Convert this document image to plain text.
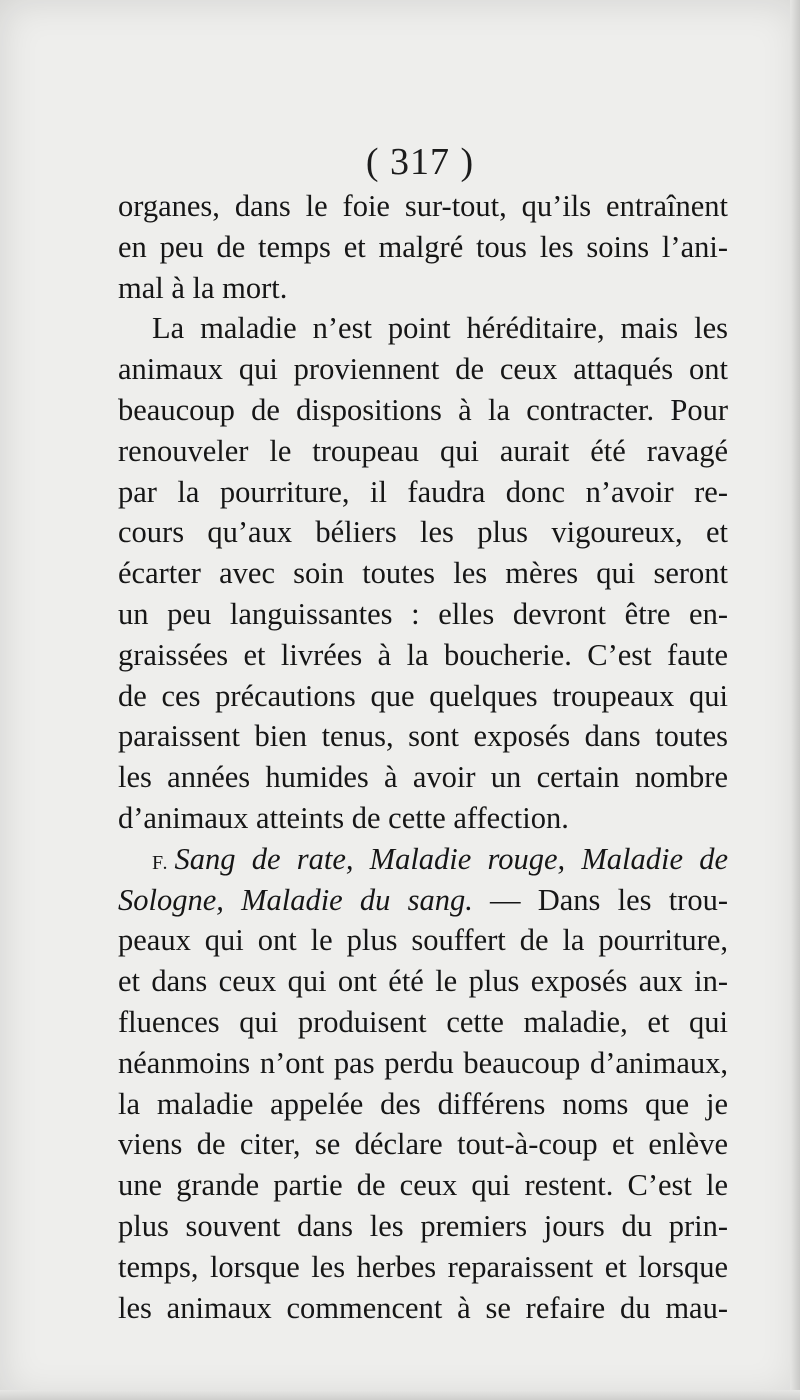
( 317 )
organes, dans le foie sur-tout, qu’ils entraînent
en peu de temps et malgré tous les soins l’ani-
mal à la mort.
La maladie n’est point héréditaire, mais les
animaux qui proviennent de ceux attaqués ont
beaucoup de dispositions à la contracter. Pour
renouveler le troupeau qui aurait été ravagé
par la pourriture, il faudra donc n’avoir re-
cours qu’aux béliers les plus vigoureux, et
écarter avec soin toutes les mères qui seront
un peu languissantes : elles devront être en-
graissées et livrées à la boucherie. C’est faute
de ces précautions que quelques troupeaux qui
paraissent bien tenus, sont exposés dans toutes
les années humides à avoir un certain nombre
d’animaux atteints de cette affection.
F. Sang de rate, Maladie rouge, Maladie de
Sologne, Maladie du sang. — Dans les trou-
peaux qui ont le plus souffert de la pourriture,
et dans ceux qui ont été le plus exposés aux in-
fluences qui produisent cette maladie, et qui
néanmoins n’ont pas perdu beaucoup d’animaux,
la maladie appelée des différens noms que je
viens de citer, se déclare tout-à-coup et enlève
une grande partie de ceux qui restent. C’est le
plus souvent dans les premiers jours du prin-
temps, lorsque les herbes reparaissent et lorsque
les animaux commencent à se refaire du mau-
